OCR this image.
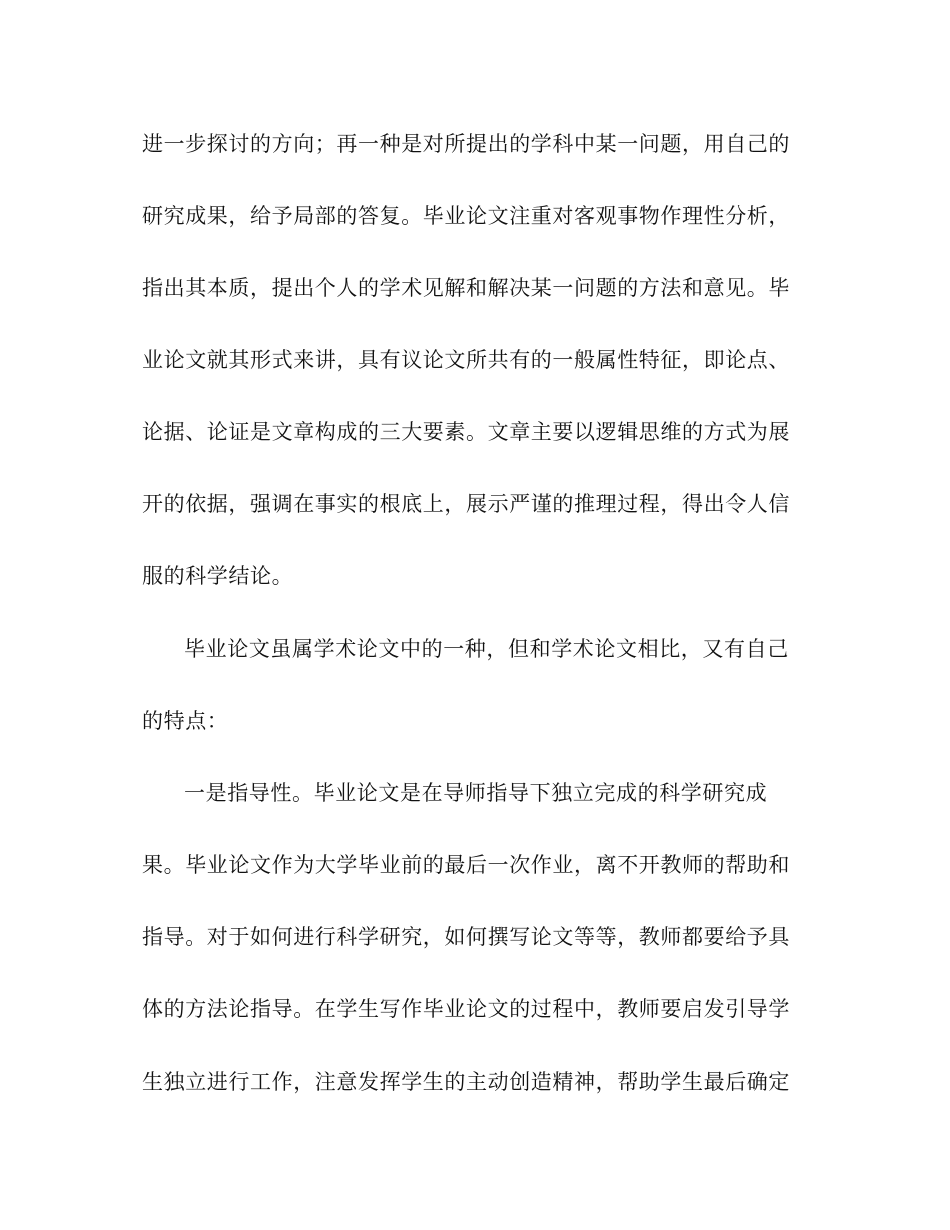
进一步探讨的方向；再一种是对所提出的学科中某一问题，用自己的
研究成果，给予局部的答复。毕业论文注重对客观事物作理性分析，
指出其本质，提出个人的学术见解和解决某一问题的方法和意见。毕
业论文就其形式来讲，具有议论文所共有的一般属性特征，即论点、
论据、论证是文章构成的三大要素。文章主要以逻辑思维的方式为展
开的依据，强调在事实的根底上，展示严谨的推理过程，得出令人信
服的科学结论。
毕业论文虽属学术论文中的一种，但和学术论文相比，又有自己
的特点：
一是指导性。毕业论文是在导师指导下独立完成的科学研究成
果。毕业论文作为大学毕业前的最后一次作业，离不开教师的帮助和
指导。对于如何进行科学研究，如何撰写论文等等，教师都要给予具
体的方法论指导。在学生写作毕业论文的过程中，教师要启发引导学
生独立进行工作，注意发挥学生的主动创造精神，帮助学生最后确定
